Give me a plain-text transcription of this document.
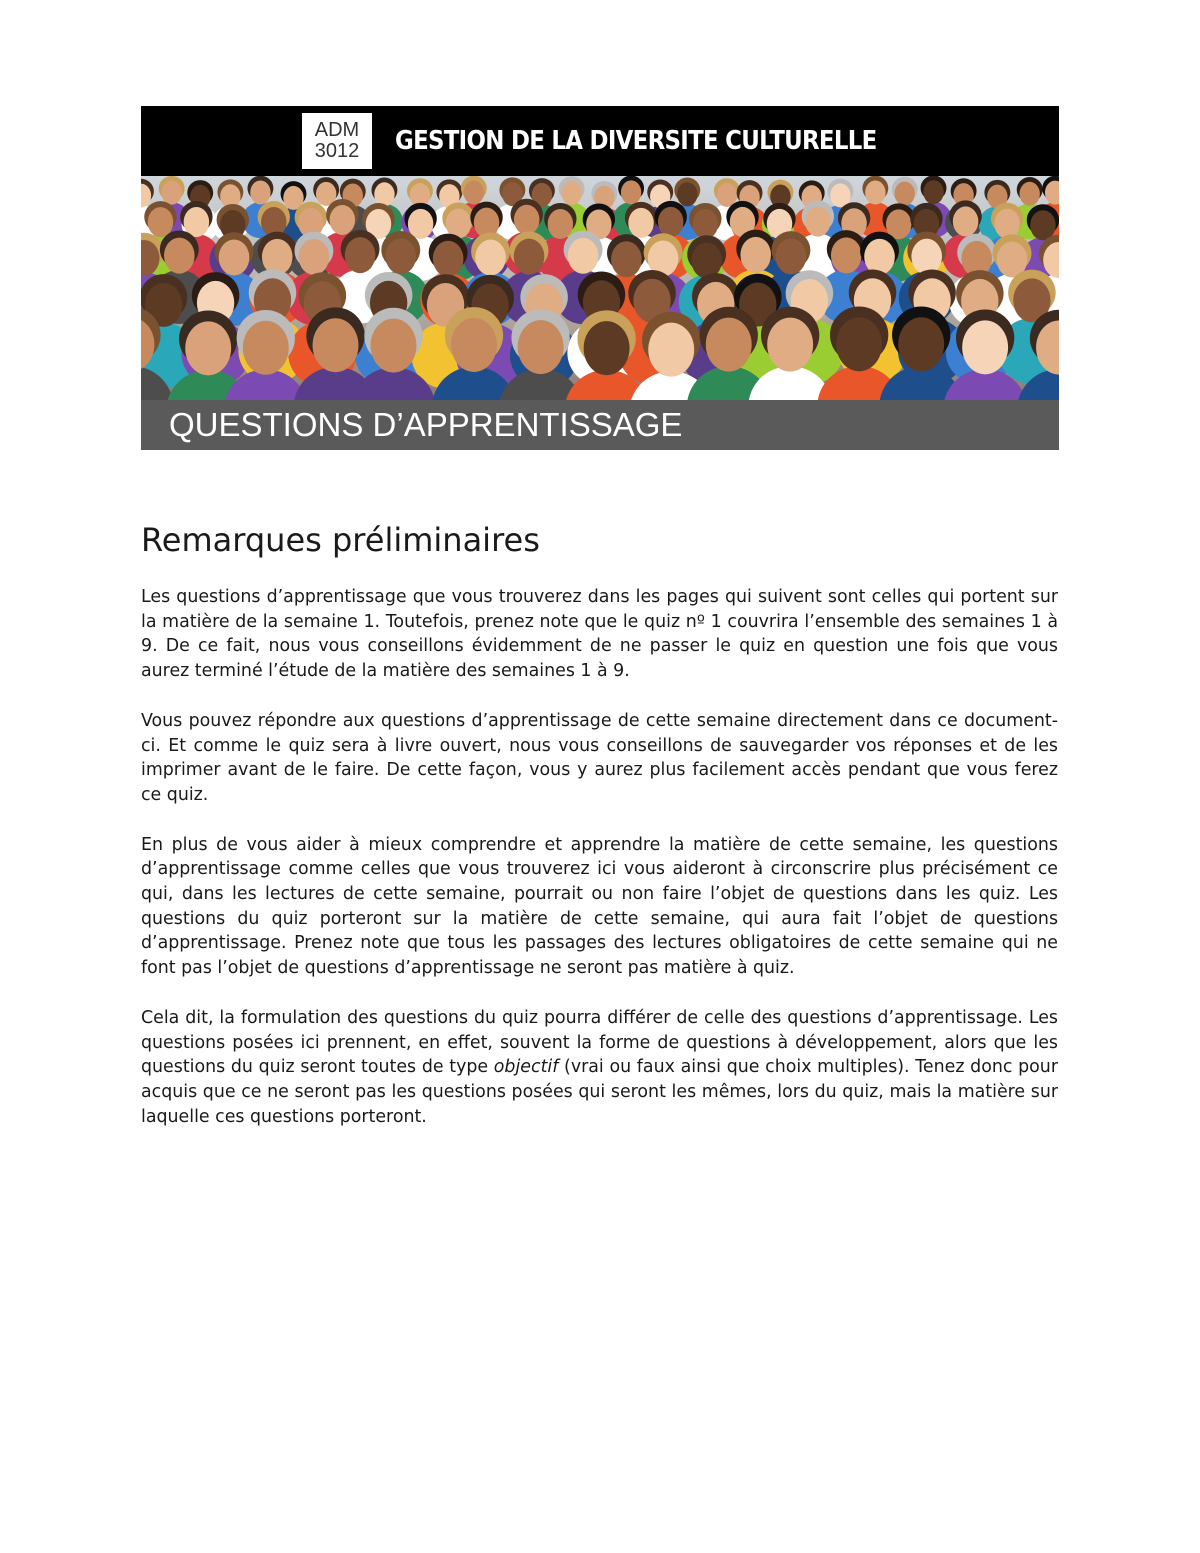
ADM
3012	GESTION DE LA DIVERSITE CULTURELLE
QUESTIONS D’APPRENTISSAGE
Remarques préliminaires

Les questions d’apprentissage que vous trouverez dans les pages qui suivent sont celles qui portent sur la matière de la semaine 1. Toutefois, prenez note que le quiz nº 1 couvrira l’ensemble des semaines 1 à 9. De ce fait, nous vous conseillons évidemment de ne passer le quiz en question une fois que vous aurez terminé l’étude de la matière des semaines 1 à 9.

Vous pouvez répondre aux questions d’apprentissage de cette semaine directement dans ce document-ci. Et comme le quiz sera à livre ouvert, nous vous conseillons de sauvegarder vos réponses et de les imprimer avant de le faire. De cette façon, vous y aurez plus facilement accès pendant que vous ferez ce quiz.

En plus de vous aider à mieux comprendre et apprendre la matière de cette semaine, les questions d’apprentissage comme celles que vous trouverez ici vous aideront à circonscrire plus précisément ce qui, dans les lectures de cette semaine, pourrait ou non faire l’objet de questions dans les quiz. Les questions du quiz porteront sur la matière de cette semaine, qui aura fait l’objet de questions d’apprentissage. Prenez note que tous les passages des lectures obligatoires de cette semaine qui ne font pas l’objet de questions d’apprentissage ne seront pas matière à quiz.

Cela dit, la formulation des questions du quiz pourra différer de celle des questions d’apprentissage. Les questions posées ici prennent, en effet, souvent la forme de questions à développement, alors que les questions du quiz seront toutes de type objectif (vrai ou faux ainsi que choix multiples). Tenez donc pour acquis que ce ne seront pas les questions posées qui seront les mêmes, lors du quiz, mais la matière sur laquelle ces questions porteront.
